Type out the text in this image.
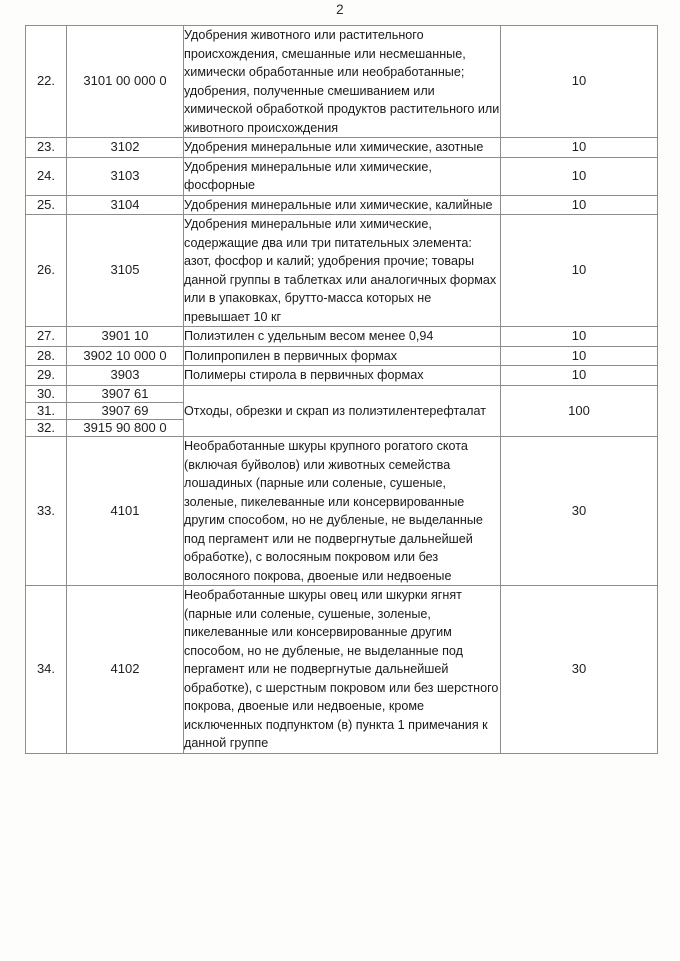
2
22.	3101 00 000 0	Удобрения животного или растительного происхождения, смешанные или несмешанные, химически обработанные или необработанные; удобрения, полученные смешиванием или химической обработкой продуктов растительного или животного происхождения	10
23.	3102	Удобрения минеральные или химические, азотные	10
24.	3103	Удобрения минеральные или химические, фосфорные	10
25.	3104	Удобрения минеральные или химические, калийные	10
26.	3105	Удобрения минеральные или химические, содержащие два или три питательных элемента: азот, фосфор и калий; удобрения прочие; товары данной группы в таблетках или аналогичных формах или в упаковках, брутто-масса которых не превышает 10 кг	10
27.	3901 10	Полиэтилен с удельным весом менее 0,94	10
28.	3902 10 000 0	Полипропилен в первичных формах	10
29.	3903	Полимеры стирола в первичных формах	10
30.	3907 61	Отходы, обрезки и скрап из полиэтилентерефталат	100
31.	3907 69		
32.	3915 90 800 0		
33.	4101	Необработанные шкуры крупного рогатого скота (включая буйволов) или животных семейства лошадиных (парные или соленые, сушеные, золеные, пикелеванные или консервированные другим способом, но не дубленые, не выделанные под пергамент или не подвергнутые дальнейшей обработке), с волосяным покровом или без волосяного покрова, двоеные или недвоеные	30
34.	4102	Необработанные шкуры овец или шкурки ягнят (парные или соленые, сушеные, золеные, пикелеванные или консервированные другим способом, но не дубленые, не выделанные под пергамент или не подвергнутые дальнейшей обработке), с шерстным покровом или без шерстного покрова, двоеные или недвоеные, кроме исключенных подпунктом (в) пункта 1 примечания к данной группе	30
